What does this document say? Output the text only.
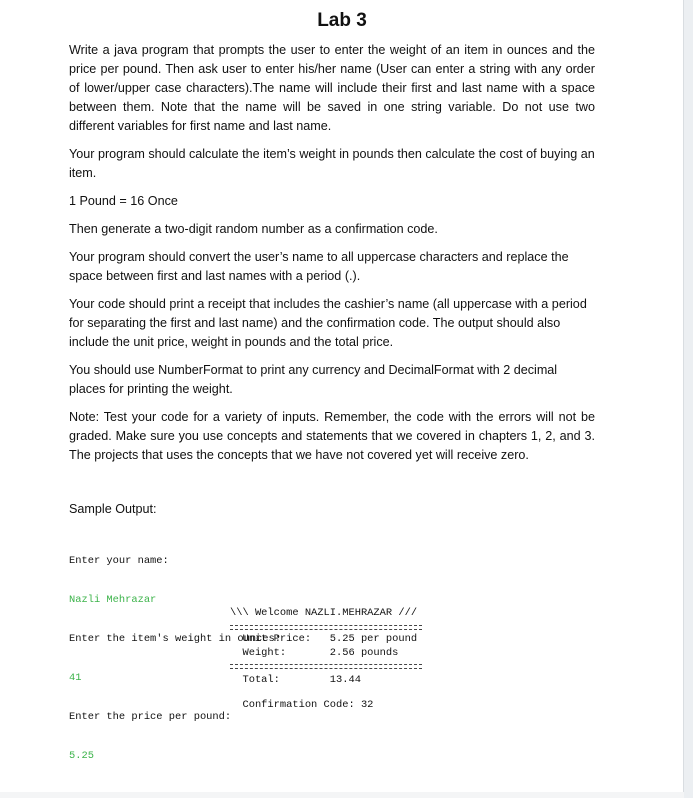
Lab 3

Write a java program that prompts the user to enter the weight of an item in ounces and the price per pound. Then ask user to enter his/her name (User can enter a string with any order of lower/upper case characters).The name will include their first and last name with a space between them. Note that the name will be saved in one string variable. Do not use two different variables for first name and last name.

Your program should calculate the item’s weight in pounds then calculate the cost of buying an item.

1 Pound = 16 Once

Then generate a two-digit random number as a confirmation code.

Your program should convert the user’s name to all uppercase characters and replace the space between first and last names with a period (.).

Your code should print a receipt that includes the cashier’s name (all uppercase with a period for separating the first and last name) and the confirmation code. The output should also include the unit price, weight in pounds and the total price.

You should use NumberFormat to print any currency and DecimalFormat with 2 decimal places for printing the weight.

Note: Test your code for a variety of inputs. Remember, the code with the errors will not be graded. Make sure you use concepts and statements that we covered in chapters 1, 2, and 3. The projects that uses the concepts that we have not covered yet will receive zero.

Sample Output:

Enter your name:

Nazli Mehrazar

Enter the item's weight in ounces:

41

Enter the price per pound:

5.25

\\\ Welcome NAZLI.MEHRAZAR ///

Unit Price:   5.25 per pound

Weight:       2.56 pounds

Total:        13.44

Confirmation Code: 32
